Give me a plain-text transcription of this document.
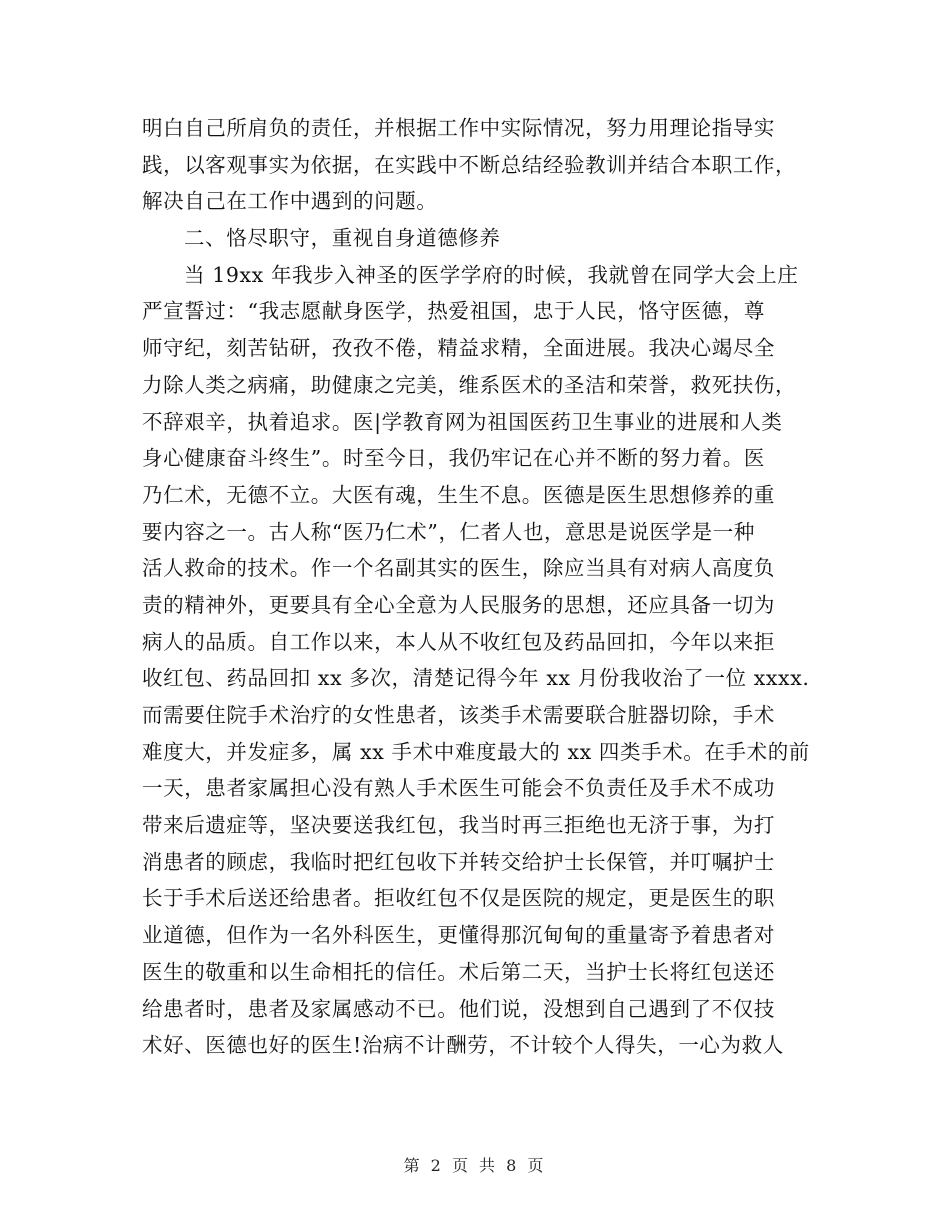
明白自己所肩负的责任，并根据工作中实际情况，努力用理论指导实
践，以客观事实为依据，在实践中不断总结经验教训并结合本职工作，
解决自己在工作中遇到的问题。
二、恪尽职守，重视自身道德修养
当 19xx 年我步入神圣的医学学府的时候，我就曾在同学大会上庄
严宣誓过：“我志愿献身医学，热爱祖国，忠于人民，恪守医德，尊
师守纪，刻苦钻研，孜孜不倦，精益求精，全面进展。我决心竭尽全
力除人类之病痛，助健康之完美，维系医术的圣洁和荣誉，救死扶伤，
不辞艰辛，执着追求。医|学教育网为祖国医药卫生事业的进展和人类
身心健康奋斗终生”。时至今日，我仍牢记在心并不断的努力着。医
乃仁术，无德不立。大医有魂，生生不息。医德是医生思想修养的重
要内容之一。古人称“医乃仁术”，仁者人也，意思是说医学是一种
活人救命的技术。作一个名副其实的医生，除应当具有对病人高度负
责的精神外，更要具有全心全意为人民服务的思想，还应具备一切为
病人的品质。自工作以来，本人从不收红包及药品回扣，今年以来拒
收红包、药品回扣 xx 多次，清楚记得今年 xx 月份我收治了一位 xxxx.
而需要住院手术治疗的女性患者，该类手术需要联合脏器切除，手术
难度大，并发症多，属 xx 手术中难度最大的 xx 四类手术。在手术的前
一天，患者家属担心没有熟人手术医生可能会不负责任及手术不成功
带来后遗症等，坚决要送我红包，我当时再三拒绝也无济于事，为打
消患者的顾虑，我临时把红包收下并转交给护士长保管，并叮嘱护士
长于手术后送还给患者。拒收红包不仅是医院的规定，更是医生的职
业道德，但作为一名外科医生，更懂得那沉甸甸的重量寄予着患者对
医生的敬重和以生命相托的信任。术后第二天，当护士长将红包送还
给患者时，患者及家属感动不已。他们说，没想到自己遇到了不仅技
术好、医德也好的医生!治病不计酬劳，不计较个人得失，一心为救人
第 2 页 共 8 页
